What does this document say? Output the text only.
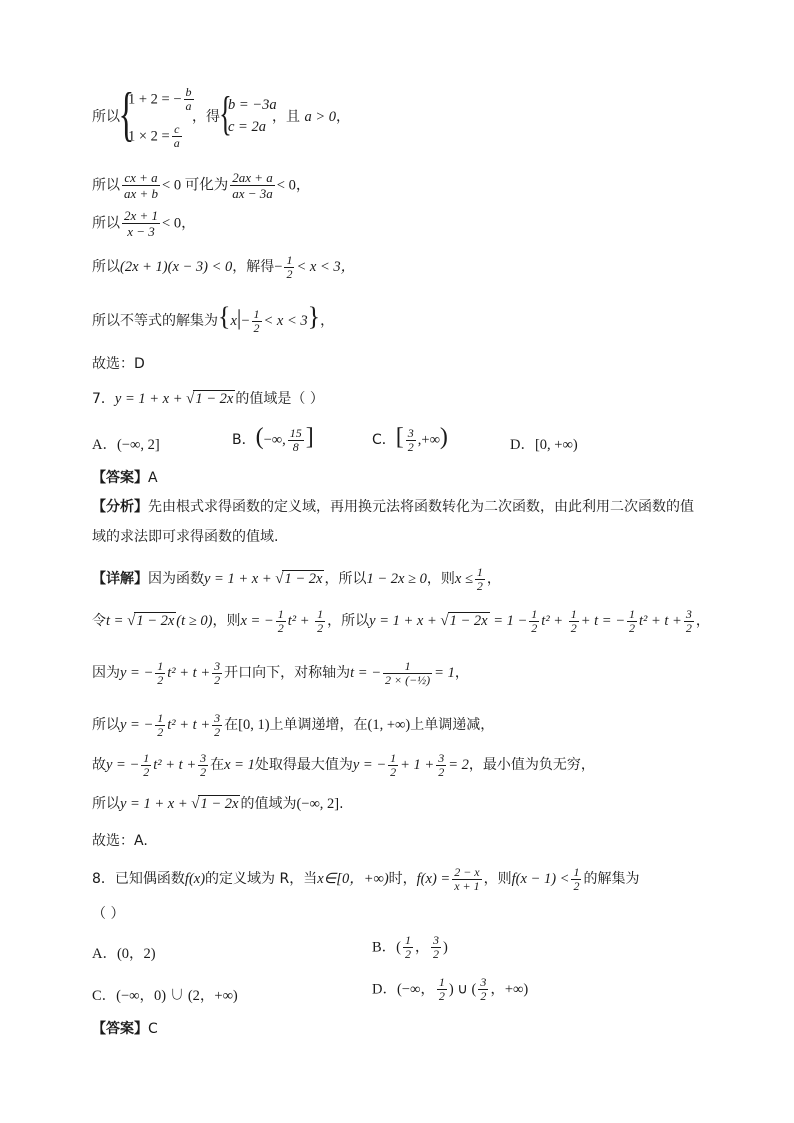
所以
{
1 + 2 = − $\frac{b}{a}$
$1 \times 2 = \frac{c}{a}$
，得 {
b = −3a
c = 2a
，且 a > 0，
所以 $\frac{cx + a}{ax + b} < 0$ 可化为 $\frac{2ax + a}{ax - 3a} < 0$，
所以 $\frac{2x + 1}{x - 3} < 0$，
所以(2x + 1)(x − 3) < 0，解得− $\frac{1}{2} < x < 3$，
所以不等式的解集为$\{x|- \frac{1}{2} < x < 3\}$，
故选：D
7．y = 1 + x + √1 − 2x 的值域是（ ）
A．(−∞, 2]	B．(−∞, $\frac{15}{8}$ ]	C．[ $\frac{3}{2}$ ,+∞)	D．[0, +∞)
【答案】A
【分析】先由根式求得函数的定义域，再用换元法将函数转化为二次函数，由此利用二次函数的值
域的求法即可求得函数的值域.
【详解】因为函数y = 1 + x + √1 − 2x ，所以1 − 2x ≥ 0，则$x \le \frac{1}{2}$ ，
令t = √1 − 2x (t ≥ 0)，则x = − $\frac{1}{2} t^2 + \frac{1}{2}$ ，所以$y = 1 + x + √1 - 2x = 1 - \frac{1}{2} t^2 + \frac{1}{2} + t$ = − $\frac{1}{2} t^2 + t + \frac{3}{2}$ ，
因为y = − $\frac{1}{2} t^2 + t + \frac{3}{2}$ 开口向下，对称轴为t = − $\frac{1}{\text{2 × (−½)}} = 1$，
所以y = − $\frac{1}{2} t^2 + t + \frac{3}{2}$ 在[0, 1)上单调递增，在(1, +∞)上单调递减，
故y = − $\frac{1}{2} t^2 + t + \frac{3}{2}$ 在x = 1处取得最大值为y = − $\frac{1}{2} + 1 + \frac{3}{2} = 2$，最小值为负无穷，
所以y = 1 + x + √1 − 2x 的值域为(−∞, 2].
故选：A.
8．已知偶函数f(x)的定义域为 R，当x∈[0，+∞)时，$f(x) = \frac{2 - x}{x + 1}$ ，则$f(x - 1) < \frac{1}{2}$ 的解集为
（ ）
A．(0，2)	B．( $\frac{1}{2}$ ， $\frac{3}{2}$ )
C．(−∞，0) ∪ (2，+∞)	D．(−∞， $\frac{1}{2}$ ) ∪ ( $\frac{3}{2}$ ，+∞)
【答案】C
